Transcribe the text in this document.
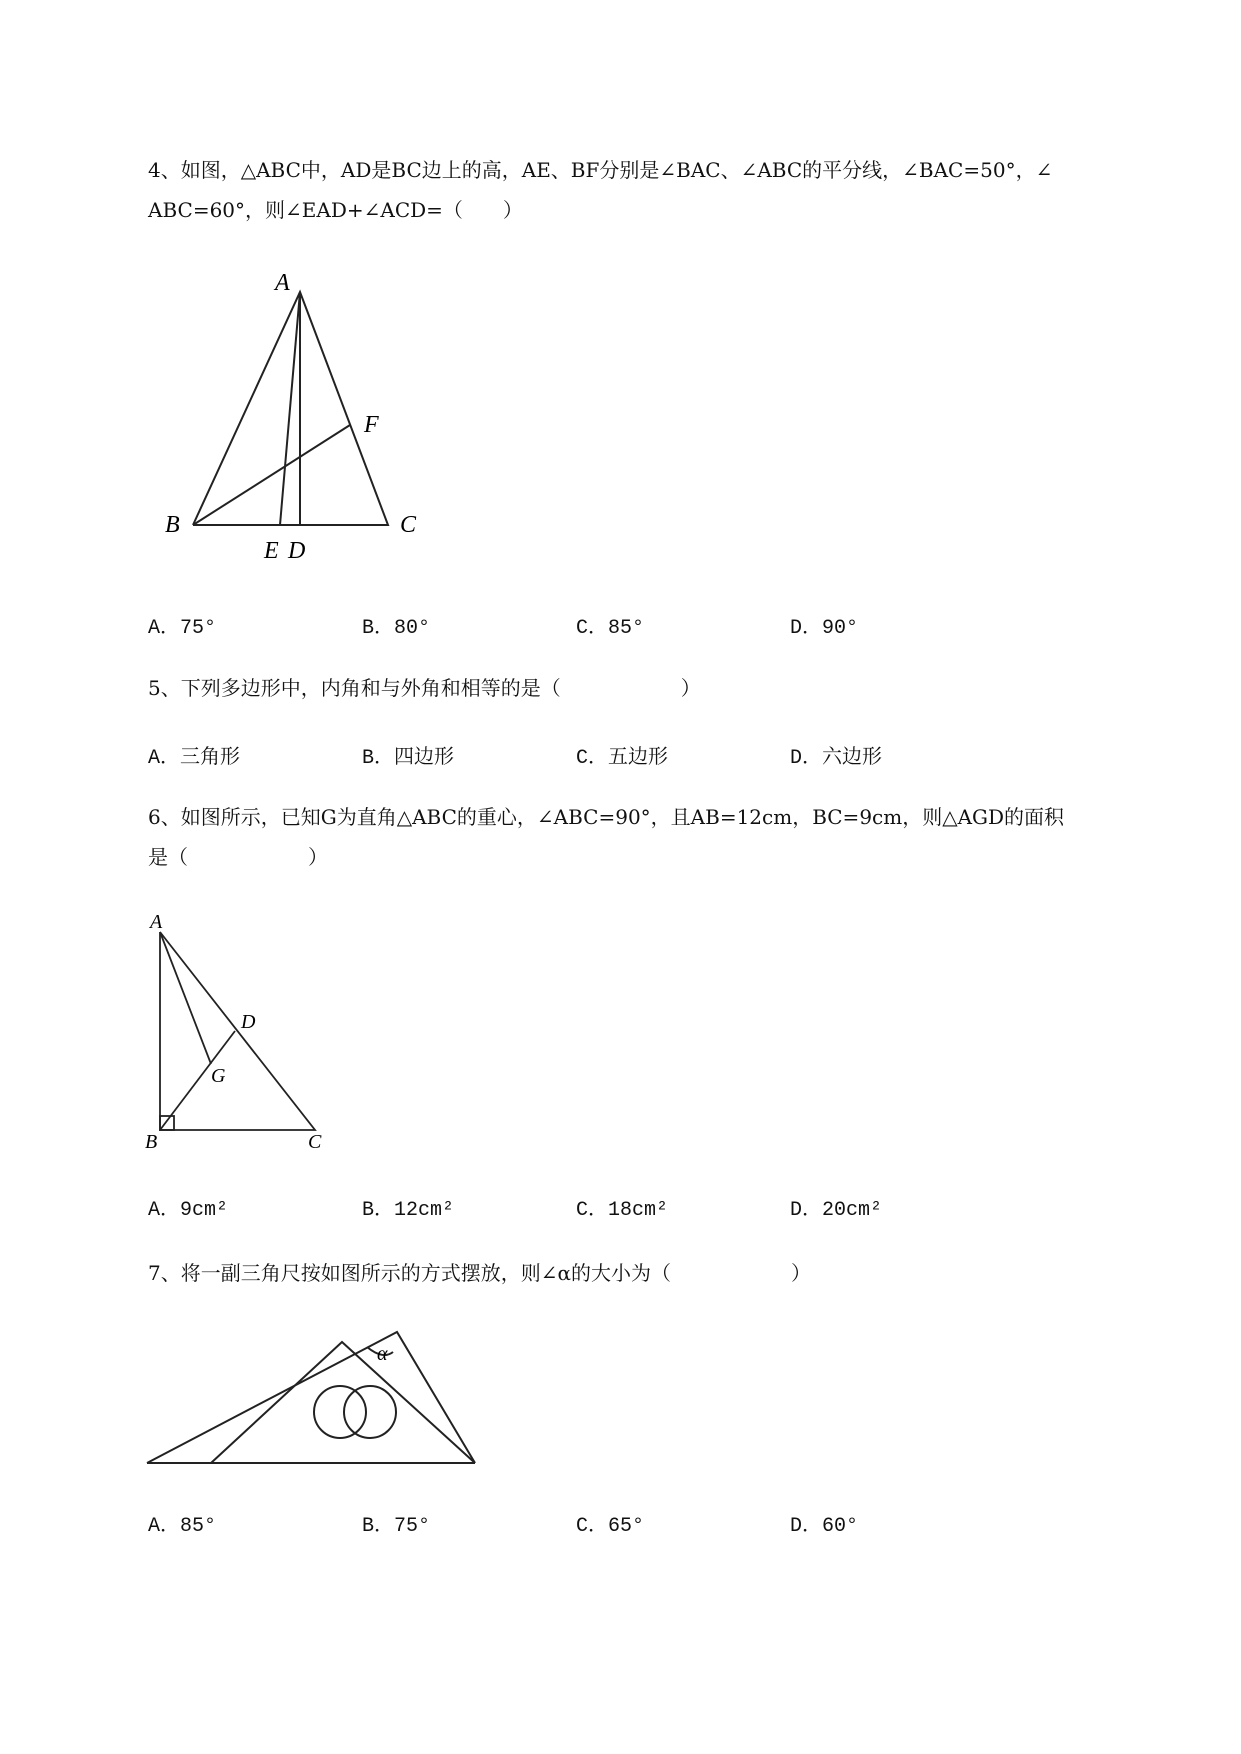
4、如图，△ABC中，AD是BC边上的高，AE、BF分别是∠BAC、∠ABC的平分线，∠BAC=50°，∠
ABC=60°，则∠EAD+∠ACD=（　　）
A
B	C
E D
F
A．75°	B．80°	C．85°	D．90°
5、下列多边形中，内角和与外角和相等的是（　　　　　　）
A．三角形	B．四边形	C．五边形	D．六边形
6、如图所示，已知G为直角△ABC的重心，∠ABC=90°，且AB=12cm，BC=9cm，则△AGD的面积
是（　　　　　　）
A
B	C
D
G
A．9cm²	B．12cm²	C．18cm²	D．20cm²
7、将一副三角尺按如图所示的方式摆放，则∠α的大小为（　　　　　　）
α
A．85°	B．75°	C．65°	D．60°
